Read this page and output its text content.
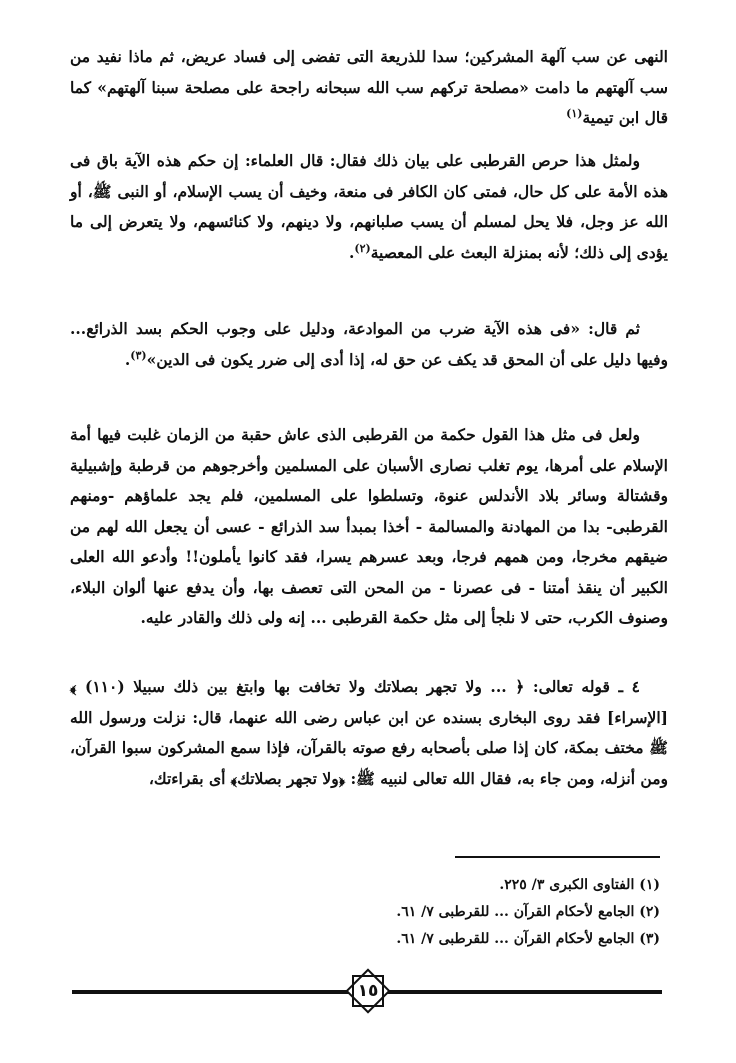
النهى عن سب آلهة المشركين؛ سدا للذريعة التى تفضى إلى فساد عريض، ثم ماذا نفيد من سب آلهتهم ما دامت «مصلحة تركهم سب الله سبحانه راجحة على مصلحة سبنا آلهتهم» كما قال ابن تيمية$^{(١)}$

ولمثل هذا حرص القرطبى على بيان ذلك فقال: قال العلماء: إن حكم هذه الآية باق فى هذه الأمة على كل حال، فمتى كان الكافر فى منعة، وخيف أن يسب الإسلام، أو النبى ﷺ، أو الله عز وجل، فلا يحل لمسلم أن يسب صلبانهم، ولا دينهم، ولا كنائسهم، ولا يتعرض إلى ما يؤدى إلى ذلك؛ لأنه بمنزلة البعث على المعصية$^{(٢)}$.

ثم قال: «فى هذه الآية ضرب من الموادعة، ودليل على وجوب الحكم بسد الذرائع... وفيها دليل على أن المحق قد يكف عن حق له، إذا أدى إلى ضرر يكون فى الدين»$^{(٣)}$.

ولعل فى مثل هذا القول حكمة من القرطبى الذى عاش حقبة من الزمان غلبت فيها أمة الإسلام على أمرها، يوم تغلب نصارى الأسبان على المسلمين وأخرجوهم من قرطبة وإشبيلية وقشتالة وسائر بلاد الأندلس عنوة، وتسلطوا على المسلمين، فلم يجد علماؤهم -ومنهم القرطبى- بدا من المهادنة والمسالمة - أخذا بمبدأ سد الذرائع - عسى أن يجعل الله لهم من ضيقهم مخرجا، ومن همهم فرجا، وبعد عسرهم يسرا، فقد كانوا يأملون!! وأدعو الله العلى الكبير أن ينقذ أمتنا - فى عصرنا - من المحن التى تعصف بها، وأن يدفع عنها ألوان البلاء، وصنوف الكرب، حتى لا نلجأ إلى مثل حكمة القرطبى ... إنه ولى ذلك والقادر عليه.

٤ ـ قوله تعالى: ﴿ ... ولا تجهر بصلاتك ولا تخافت بها وابتغ بين ذلك سبيلا (١١٠) ﴾ [الإسراء] فقد روى البخارى بسنده عن ابن عباس رضى الله عنهما، قال: نزلت ورسول الله ﷺ مختف بمكة، كان إذا صلى بأصحابه رفع صوته بالقرآن، فإذا سمع المشركون سبوا القرآن، ومن أنزله، ومن جاء به، فقال الله تعالى لنبيه ﷺ: ﴿ولا تجهر بصلاتك﴾ أى بقراءتك،

(١) الفتاوى الكبرى ٣/ ٢٢٥.
(٢) الجامع لأحكام القرآن ... للقرطبى ٧/ ٦١.
(٣) الجامع لأحكام القرآن ... للقرطبى ٧/ ٦١.
١٥
